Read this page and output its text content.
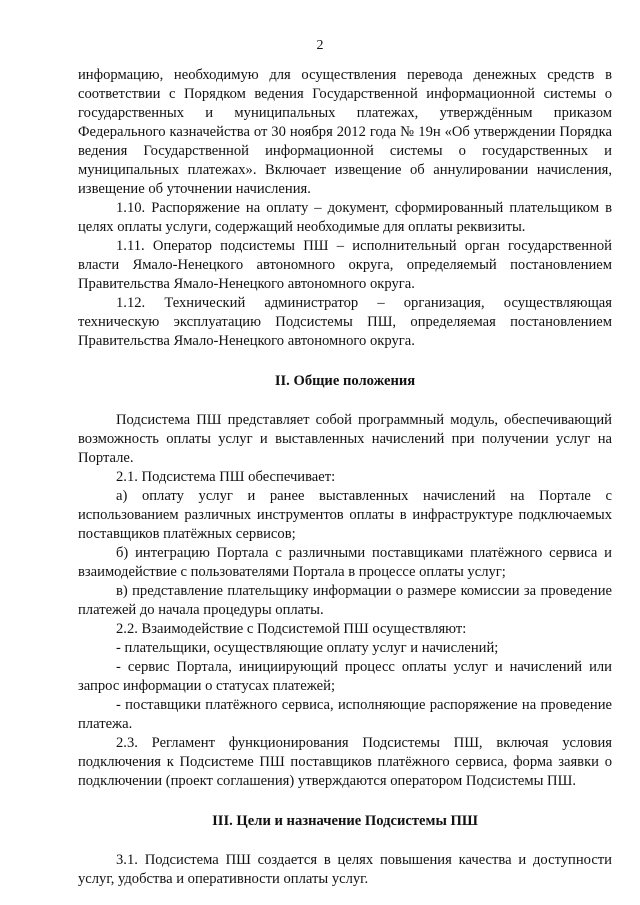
2

информацию, необходимую для осуществления перевода денежных средств в соответствии с Порядком ведения Государственной информационной системы о государственных и муниципальных платежах, утверждённым приказом Федерального казначейства от 30 ноября 2012 года № 19н «Об утверждении Порядка ведения Государственной информационной системы о государственных и муниципальных платежах». Включает извещение об аннулировании начисления, извещение об уточнении начисления.

1.10. Распоряжение на оплату – документ, сформированный плательщиком в целях оплаты услуги, содержащий необходимые для оплаты реквизиты.

1.11. Оператор подсистемы ПШ – исполнительный орган государственной власти Ямало-Ненецкого автономного округа, определяемый постановлением Правительства Ямало-Ненецкого автономного округа.

1.12. Технический администратор – организация, осуществляющая техническую эксплуатацию Подсистемы ПШ, определяемая постановлением Правительства Ямало-Ненецкого автономного округа.

II. Общие положения

Подсистема ПШ представляет собой программный модуль, обеспечивающий возможность оплаты услуг и выставленных начислений при получении услуг на Портале.

2.1. Подсистема ПШ обеспечивает:

а) оплату услуг и ранее выставленных начислений на Портале с использованием различных инструментов оплаты в инфраструктуре подключаемых поставщиков платёжных сервисов;

б) интеграцию Портала с различными поставщиками платёжного сервиса и взаимодействие с пользователями Портала в процессе оплаты услуг;

в) представление плательщику информации о размере комиссии за проведение платежей до начала процедуры оплаты.

2.2. Взаимодействие с Подсистемой ПШ осуществляют:

- плательщики, осуществляющие оплату услуг и начислений;

- сервис Портала, инициирующий процесс оплаты услуг и начислений или запрос информации о статусах платежей;

- поставщики платёжного сервиса, исполняющие распоряжение на проведение платежа.

2.3. Регламент функционирования Подсистемы ПШ, включая условия подключения к Подсистеме ПШ поставщиков платёжного сервиса, форма заявки о подключении (проект соглашения) утверждаются оператором Подсистемы ПШ.

III. Цели и назначение Подсистемы ПШ

3.1. Подсистема ПШ создается в целях повышения качества и доступности услуг, удобства и оперативности оплаты услуг.
